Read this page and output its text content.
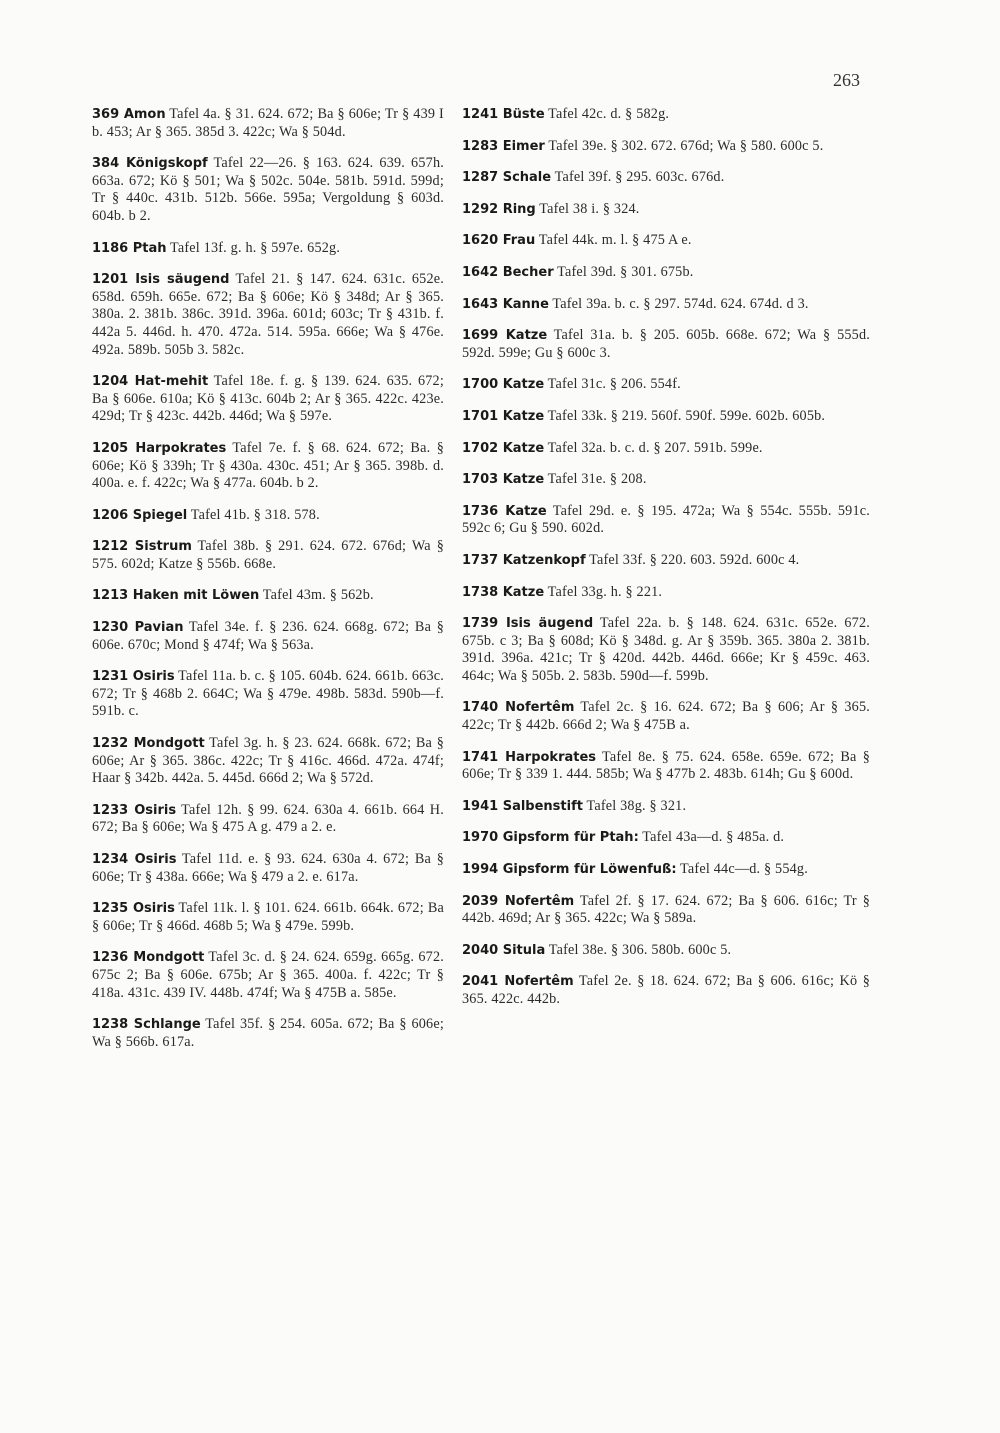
263

369 Amon Tafel 4a. § 31. 624. 672; Ba § 606e; Tr § 439 I b. 453; Ar § 365. 385d 3. 422c; Wa § 504d.

384 Königskopf Tafel 22—26. § 163. 624. 639. 657h. 663a. 672; Kö § 501; Wa § 502c. 504e. 581b. 591d. 599d; Tr § 440c. 431b. 512b. 566e. 595a; Vergoldung § 603d. 604b. b 2.

1186 Ptah Tafel 13f. g. h. § 597e. 652g.

1201 Isis säugend Tafel 21. § 147. 624. 631c. 652e. 658d. 659h. 665e. 672; Ba § 606e; Kö § 348d; Ar § 365. 380a. 2. 381b. 386c. 391d. 396a. 601d; 603c; Tr § 431b. f. 442a 5. 446d. h. 470. 472a. 514. 595a. 666e; Wa § 476e. 492a. 589b. 505b 3. 582c.

1204 Hat-mehit Tafel 18e. f. g. § 139. 624. 635. 672; Ba § 606e. 610a; Kö § 413c. 604b 2; Ar § 365. 422c. 423e. 429d; Tr § 423c. 442b. 446d; Wa § 597e.

1205 Harpokrates Tafel 7e. f. § 68. 624. 672; Ba. § 606e; Kö § 339h; Tr § 430a. 430c. 451; Ar § 365. 398b. d. 400a. e. f. 422c; Wa § 477a. 604b. b 2.

1206 Spiegel Tafel 41b. § 318. 578.

1212 Sistrum Tafel 38b. § 291. 624. 672. 676d; Wa § 575. 602d; Katze § 556b. 668e.

1213 Haken mit Löwen Tafel 43m. § 562b.

1230 Pavian Tafel 34e. f. § 236. 624. 668g. 672; Ba § 606e. 670c; Mond § 474f; Wa § 563a.

1231 Osiris Tafel 11a. b. c. § 105. 604b. 624. 661b. 663c. 672; Tr § 468b 2. 664C; Wa § 479e. 498b. 583d. 590b—f. 591b. c.

1232 Mondgott Tafel 3g. h. § 23. 624. 668k. 672; Ba § 606e; Ar § 365. 386c. 422c; Tr § 416c. 466d. 472a. 474f; Haar § 342b. 442a. 5. 445d. 666d 2; Wa § 572d.

1233 Osiris Tafel 12h. § 99. 624. 630a 4. 661b. 664 H. 672; Ba § 606e; Wa § 475 A g. 479 a 2. e.

1234 Osiris Tafel 11d. e. § 93. 624. 630a 4. 672; Ba § 606e; Tr § 438a. 666e; Wa § 479 a 2. e. 617a.

1235 Osiris Tafel 11k. l. § 101. 624. 661b. 664k. 672; Ba § 606e; Tr § 466d. 468b 5; Wa § 479e. 599b.

1236 Mondgott Tafel 3c. d. § 24. 624. 659g. 665g. 672. 675c 2; Ba § 606e. 675b; Ar § 365. 400a. f. 422c; Tr § 418a. 431c. 439 IV. 448b. 474f; Wa § 475B a. 585e.

1238 Schlange Tafel 35f. § 254. 605a. 672; Ba § 606e; Wa § 566b. 617a.

1241 Büste Tafel 42c. d. § 582g.

1283 Eimer Tafel 39e. § 302. 672. 676d; Wa § 580. 600c 5.

1287 Schale Tafel 39f. § 295. 603c. 676d.

1292 Ring Tafel 38 i. § 324.

1620 Frau Tafel 44k. m. l. § 475 A e.

1642 Becher Tafel 39d. § 301. 675b.

1643 Kanne Tafel 39a. b. c. § 297. 574d. 624. 674d. d 3.

1699 Katze Tafel 31a. b. § 205. 605b. 668e. 672; Wa § 555d. 592d. 599e; Gu § 600c 3.

1700 Katze Tafel 31c. § 206. 554f.

1701 Katze Tafel 33k. § 219. 560f. 590f. 599e. 602b. 605b.

1702 Katze Tafel 32a. b. c. d. § 207. 591b. 599e.

1703 Katze Tafel 31e. § 208.

1736 Katze Tafel 29d. e. § 195. 472a; Wa § 554c. 555b. 591c. 592c 6; Gu § 590. 602d.

1737 Katzenkopf Tafel 33f. § 220. 603. 592d. 600c 4.

1738 Katze Tafel 33g. h. § 221.

1739 Isis äugend Tafel 22a. b. § 148. 624. 631c. 652e. 672. 675b. c 3; Ba § 608d; Kö § 348d. g. Ar § 359b. 365. 380a 2. 381b. 391d. 396a. 421c; Tr § 420d. 442b. 446d. 666e; Kr § 459c. 463. 464c; Wa § 505b. 2. 583b. 590d—f. 599b.

1740 Nofertêm Tafel 2c. § 16. 624. 672; Ba § 606; Ar § 365. 422c; Tr § 442b. 666d 2; Wa § 475B a.

1741 Harpokrates Tafel 8e. § 75. 624. 658e. 659e. 672; Ba § 606e; Tr § 339 1. 444. 585b; Wa § 477b 2. 483b. 614h; Gu § 600d.

1941 Salbenstift Tafel 38g. § 321.

1970 Gipsform für Ptah: Tafel 43a—d. § 485a. d.

1994 Gipsform für Löwenfuß: Tafel 44c—d. § 554g.

2039 Nofertêm Tafel 2f. § 17. 624. 672; Ba § 606. 616c; Tr § 442b. 469d; Ar § 365. 422c; Wa § 589a.

2040 Situla Tafel 38e. § 306. 580b. 600c 5.

2041 Nofertêm Tafel 2e. § 18. 624. 672; Ba § 606. 616c; Kö § 365. 422c. 442b.
